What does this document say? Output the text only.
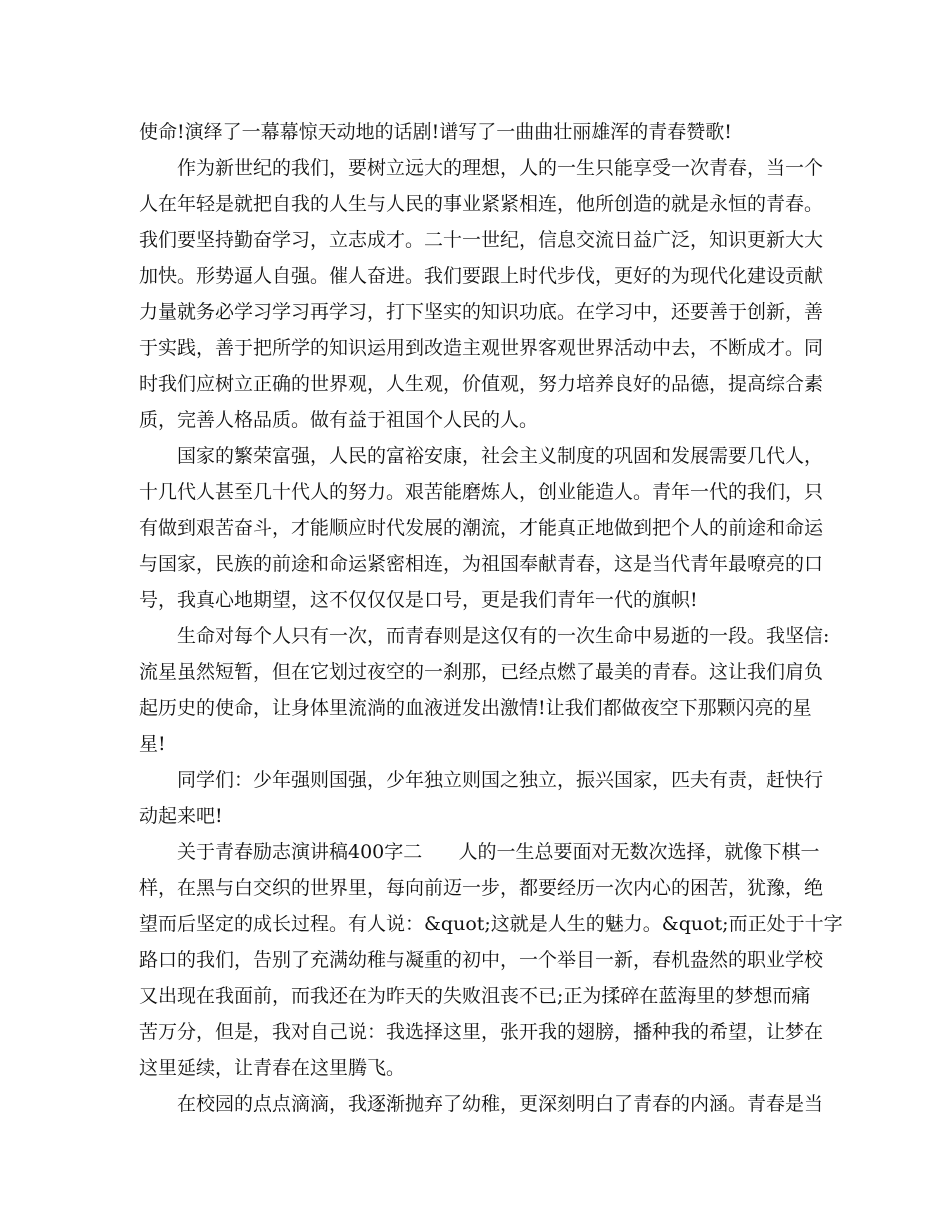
使命!演绎了一幕幕惊天动地的话剧!谱写了一曲曲壮丽雄浑的青春赞歌!
作为新世纪的我们，要树立远大的理想，人的一生只能享受一次青春，当一个
人在年轻是就把自我的人生与人民的事业紧紧相连，他所创造的就是永恒的青春。
我们要坚持勤奋学习，立志成才。二十一世纪，信息交流日益广泛，知识更新大大
加快。形势逼人自强。催人奋进。我们要跟上时代步伐，更好的为现代化建设贡献
力量就务必学习学习再学习，打下坚实的知识功底。在学习中，还要善于创新，善
于实践，善于把所学的知识运用到改造主观世界客观世界活动中去，不断成才。同
时我们应树立正确的世界观，人生观，价值观，努力培养良好的品德，提高综合素
质，完善人格品质。做有益于祖国个人民的人。
国家的繁荣富强，人民的富裕安康，社会主义制度的巩固和发展需要几代人，
十几代人甚至几十代人的努力。艰苦能磨炼人，创业能造人。青年一代的我们，只
有做到艰苦奋斗，才能顺应时代发展的潮流，才能真正地做到把个人的前途和命运
与国家，民族的前途和命运紧密相连，为祖国奉献青春，这是当代青年最嘹亮的口
号，我真心地期望，这不仅仅仅是口号，更是我们青年一代的旗帜!
生命对每个人只有一次，而青春则是这仅有的一次生命中易逝的一段。我坚信:
流星虽然短暂，但在它划过夜空的一刹那，已经点燃了最美的青春。这让我们肩负
起历史的使命，让身体里流淌的血液迸发出激情!让我们都做夜空下那颗闪亮的星
星!
同学们：少年强则国强，少年独立则国之独立，振兴国家，匹夫有责，赶快行
动起来吧!
关于青春励志演讲稿400字二      人的一生总要面对无数次选择，就像下棋一
样，在黑与白交织的世界里，每向前迈一步，都要经历一次内心的困苦，犹豫，绝
望而后坚定的成长过程。有人说：&quot;这就是人生的魅力。&quot;而正处于十字
路口的我们，告别了充满幼稚与凝重的初中，一个举目一新，春机盎然的职业学校
又出现在我面前，而我还在为昨天的失败沮丧不已;正为揉碎在蓝海里的梦想而痛
苦万分，但是，我对自己说：我选择这里，张开我的翅膀，播种我的希望，让梦在
这里延续，让青春在这里腾飞。
在校园的点点滴滴，我逐渐抛弃了幼稚，更深刻明白了青春的内涵。青春是当
